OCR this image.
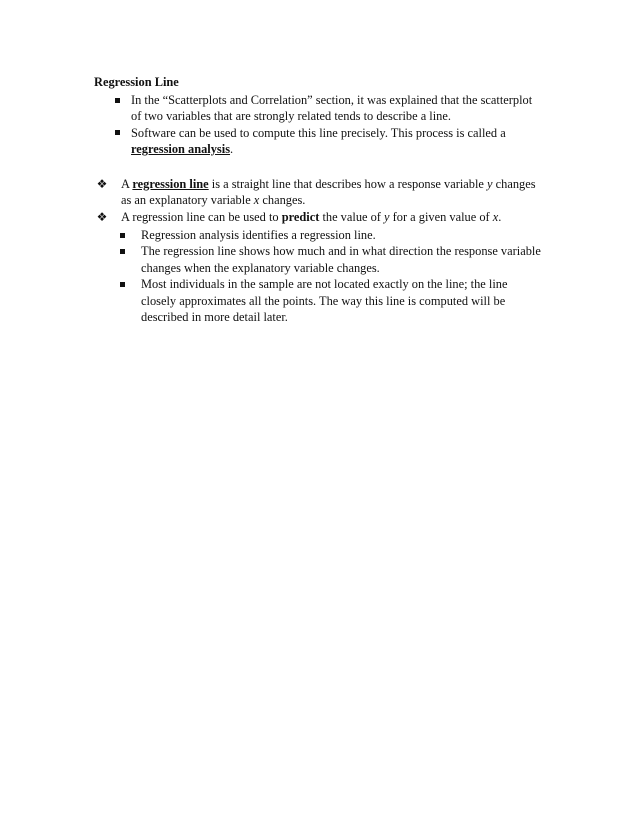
Regression Line

In the “Scatterplots and Correlation” section, it was explained that the scatterplot of two variables that are strongly related tends to describe a line.
Software can be used to compute this line precisely. This process is called a regression analysis.
❖ A regression line is a straight line that describes how a response variable y changes as an explanatory variable x changes.
❖ A regression line can be used to predict the value of y for a given value of x.
Regression analysis identifies a regression line.
The regression line shows how much and in what direction the response variable changes when the explanatory variable changes.
Most individuals in the sample are not located exactly on the line; the line closely approximates all the points. The way this line is computed will be described in more detail later.
